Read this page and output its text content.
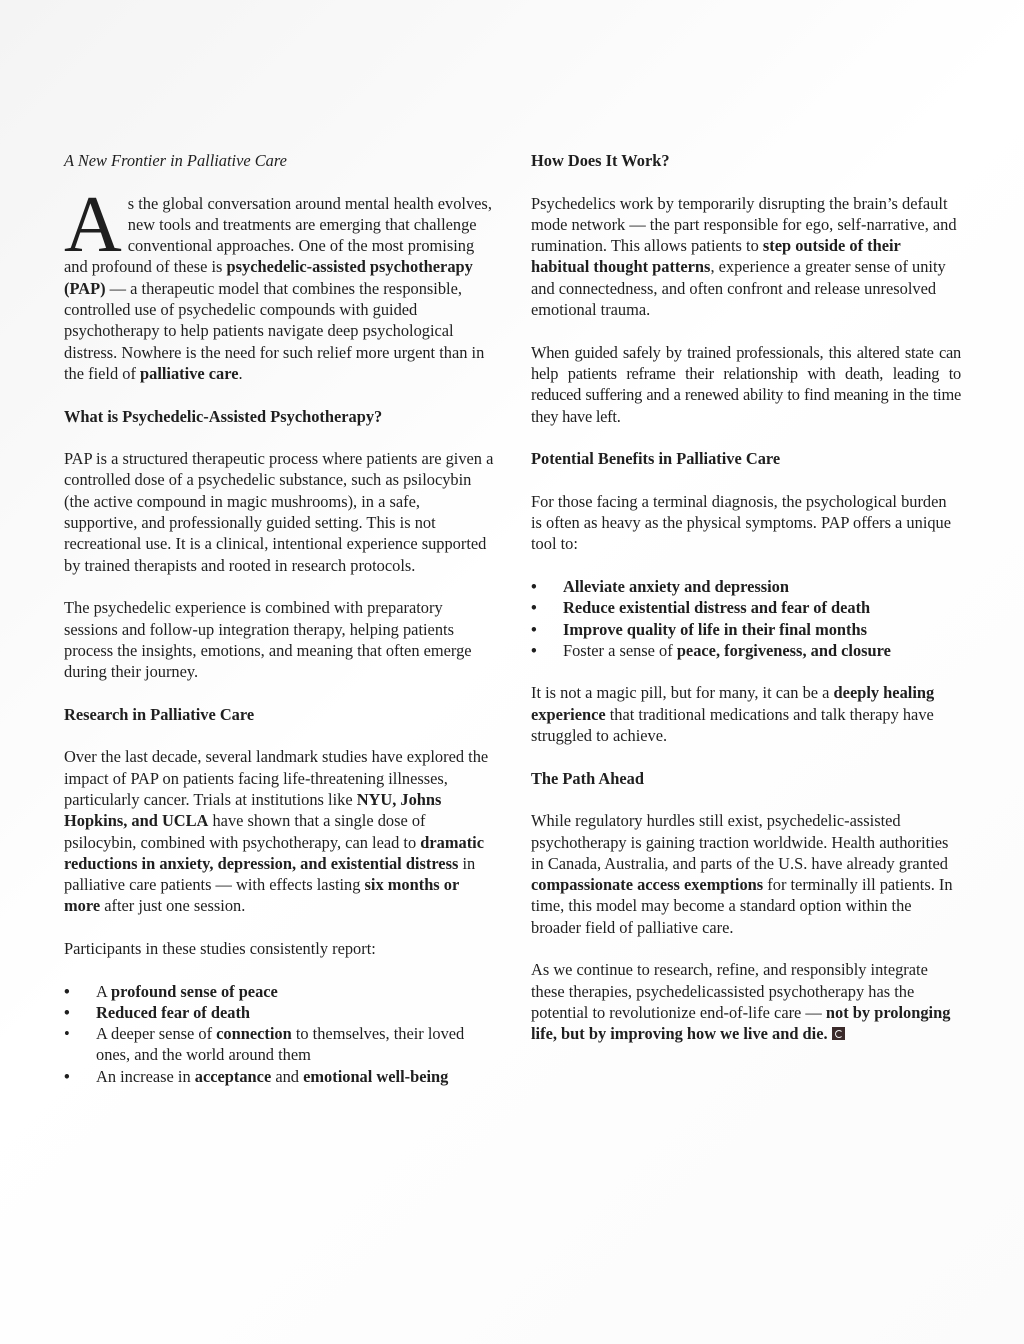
A New Frontier in Palliative Care

As the global conversation around mental health evolves, new tools and treatments are emerging that challenge conventional approaches. One of the most promising and profound of these is psychedelic-assisted psychotherapy (PAP) — a therapeutic model that combines the responsible, controlled use of psychedelic compounds with guided psychotherapy to help patients navigate deep psychological distress. Nowhere is the need for such relief more urgent than in the field of palliative care.

What is Psychedelic-Assisted Psychotherapy?

PAP is a structured therapeutic process where patients are given a controlled dose of a psychedelic substance, such as psilocybin (the active compound in magic mushrooms), in a safe, supportive, and professionally guided setting. This is not recreational use. It is a clinical, intentional experience supported by trained therapists and rooted in research protocols.

The psychedelic experience is combined with preparatory sessions and follow-up integration therapy, helping patients process the insights, emotions, and meaning that often emerge during their journey.

Research in Palliative Care

Over the last decade, several landmark studies have explored the impact of PAP on patients facing life-threatening illnesses, particularly cancer. Trials at institutions like NYU, Johns Hopkins, and UCLA have shown that a single dose of psilocybin, combined with psychotherapy, can lead to dramatic reductions in anxiety, depression, and existential distress in palliative care patients — with effects lasting six months or more after just one session.

Participants in these studies consistently report:

• A profound sense of peace
• Reduced fear of death
• A deeper sense of connection to themselves, their loved ones, and the world around them
• An increase in acceptance and emotional well-being
How Does It Work?

Psychedelics work by temporarily disrupting the brain’s default mode network — the part responsible for ego, self-narrative, and rumination. This allows patients to step outside of their habitual thought patterns, experience a greater sense of unity and connectedness, and often confront and release unresolved emotional trauma.

When guided safely by trained professionals, this altered state can help patients reframe their relationship with death, leading to reduced suffering and a renewed ability to find meaning in the time they have left.

Potential Benefits in Palliative Care

For those facing a terminal diagnosis, the psychological burden is often as heavy as the physical symptoms. PAP offers a unique tool to:

• Alleviate anxiety and depression
• Reduce existential distress and fear of death
• Improve quality of life in their final months
• Foster a sense of peace, forgiveness, and closure

It is not a magic pill, but for many, it can be a deeply healing experience that traditional medications and talk therapy have struggled to achieve.

The Path Ahead

While regulatory hurdles still exist, psychedelic-assisted psychotherapy is gaining traction worldwide. Health authorities in Canada, Australia, and parts of the U.S. have already granted compassionate access exemptions for terminally ill patients. In time, this model may become a standard option within the broader field of palliative care.

As we continue to research, refine, and responsibly integrate these therapies, psychedelicassisted psychotherapy has the potential to revolutionize end-of-life care — not by prolonging life, but by improving how we live and die.
